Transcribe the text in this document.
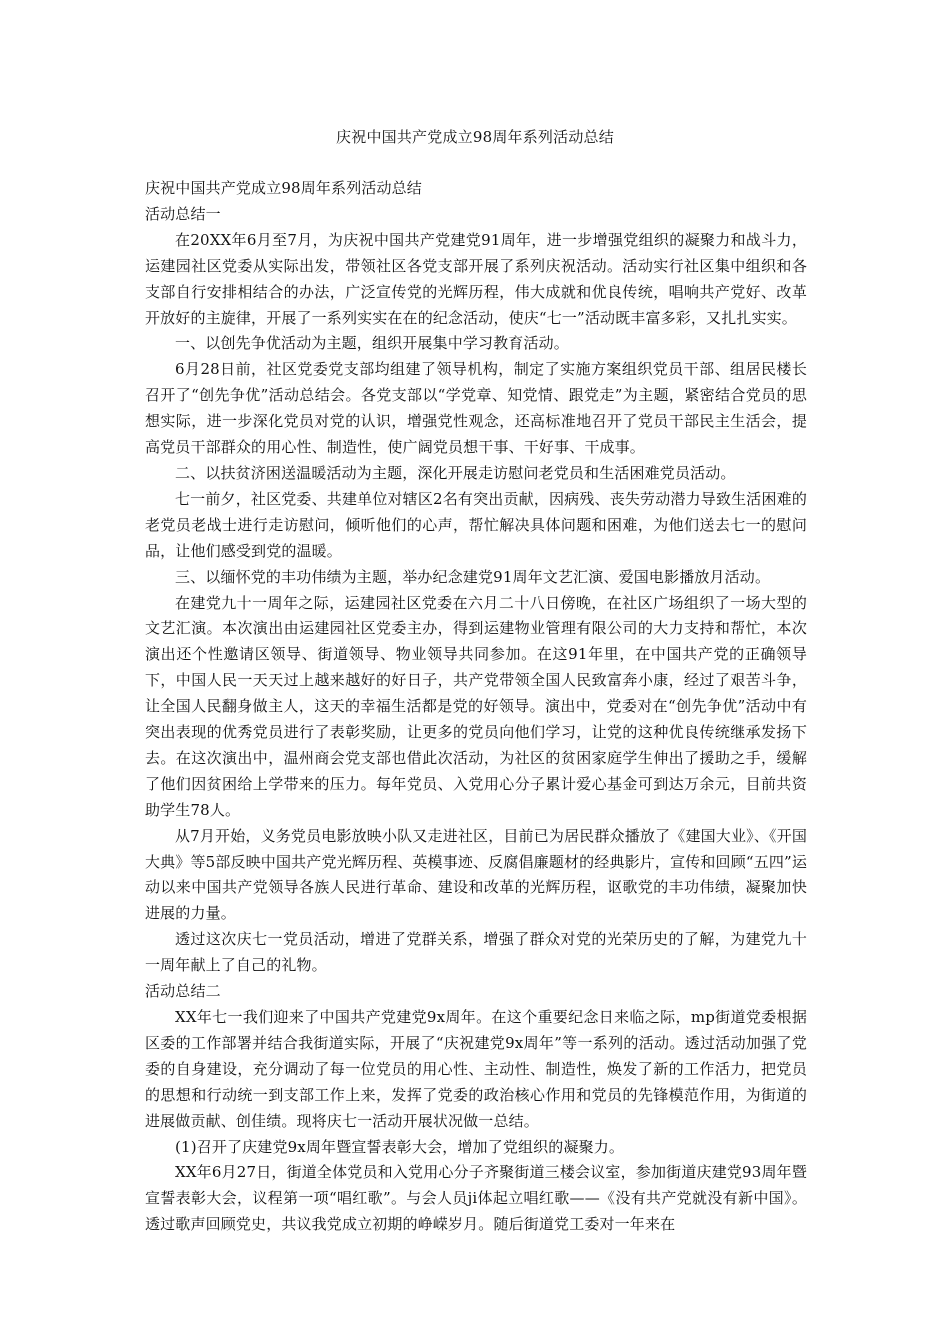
庆祝中国共产党成立98周年系列活动总结

庆祝中国共产党成立98周年系列活动总结

活动总结一

在20XX年6月至7月，为庆祝中国共产党建党91周年，进一步增强党组织的凝聚力和战斗力，运建园社区党委从实际出发，带领社区各党支部开展了系列庆祝活动。活动实行社区集中组织和各支部自行安排相结合的办法，广泛宣传党的光辉历程，伟大成就和优良传统，唱响共产党好、改革开放好的主旋律，开展了一系列实实在在的纪念活动，使庆“七一”活动既丰富多彩，又扎扎实实。

一、以创先争优活动为主题，组织开展集中学习教育活动。

6月28日前，社区党委党支部均组建了领导机构，制定了实施方案组织党员干部、组居民楼长召开了“创先争优”活动总结会。各党支部以“学党章、知党情、跟党走”为主题，紧密结合党员的思想实际，进一步深化党员对党的认识，增强党性观念，还高标准地召开了党员干部民主生活会，提高党员干部群众的用心性、制造性，使广阔党员想干事、干好事、干成事。

二、以扶贫济困送温暖活动为主题，深化开展走访慰问老党员和生活困难党员活动。

七一前夕，社区党委、共建单位对辖区2名有突出贡献，因病残、丧失劳动潜力导致生活困难的老党员老战士进行走访慰问，倾听他们的心声，帮忙解决具体问题和困难，为他们送去七一的慰问品，让他们感受到党的温暖。

三、以缅怀党的丰功伟绩为主题，举办纪念建党91周年文艺汇演、爱国电影播放月活动。

在建党九十一周年之际，运建园社区党委在六月二十八日傍晚，在社区广场组织了一场大型的文艺汇演。本次演出由运建园社区党委主办，得到运建物业管理有限公司的大力支持和帮忙，本次演出还个性邀请区领导、街道领导、物业领导共同参加。在这91年里，在中国共产党的正确领导下，中国人民一天天过上越来越好的好日子，共产党带领全国人民致富奔小康，经过了艰苦斗争，让全国人民翻身做主人，这天的幸福生活都是党的好领导。演出中，党委对在“创先争优”活动中有突出表现的优秀党员进行了表彰奖励，让更多的党员向他们学习，让党的这种优良传统继承发扬下去。在这次演出中，温州商会党支部也借此次活动，为社区的贫困家庭学生伸出了援助之手，缓解了他们因贫困给上学带来的压力。每年党员、入党用心分子累计爱心基金可到达万余元，目前共资助学生78人。

从7月开始，义务党员电影放映小队又走进社区，目前已为居民群众播放了《建国大业》、《开国大典》等5部反映中国共产党光辉历程、英模事迹、反腐倡廉题材的经典影片，宣传和回顾“五四”运动以来中国共产党领导各族人民进行革命、建设和改革的光辉历程，讴歌党的丰功伟绩，凝聚加快进展的力量。

透过这次庆七一党员活动，增进了党群关系，增强了群众对党的光荣历史的了解，为建党九十一周年献上了自己的礼物。

活动总结二

XX年七一我们迎来了中国共产党建党9x周年。在这个重要纪念日来临之际，mp街道党委根据区委的工作部署并结合我街道实际，开展了“庆祝建党9x周年”等一系列的活动。透过活动加强了党委的自身建设，充分调动了每一位党员的用心性、主动性、制造性，焕发了新的工作活力，把党员的思想和行动统一到支部工作上来，发挥了党委的政治核心作用和党员的先锋模范作用，为街道的进展做贡献、创佳绩。现将庆七一活动开展状况做一总结。

(1)召开了庆建党9x周年暨宣誓表彰大会，增加了党组织的凝聚力。

XX年6月27日，街道全体党员和入党用心分子齐聚街道三楼会议室，参加街道庆建党93周年暨宣誓表彰大会，议程第一项“唱红歌”。与会人员ji体起立唱红歌——《没有共产党就没有新中国》。透过歌声回顾党史，共议我党成立初期的峥嵘岁月。随后街道党工委对一年来在
